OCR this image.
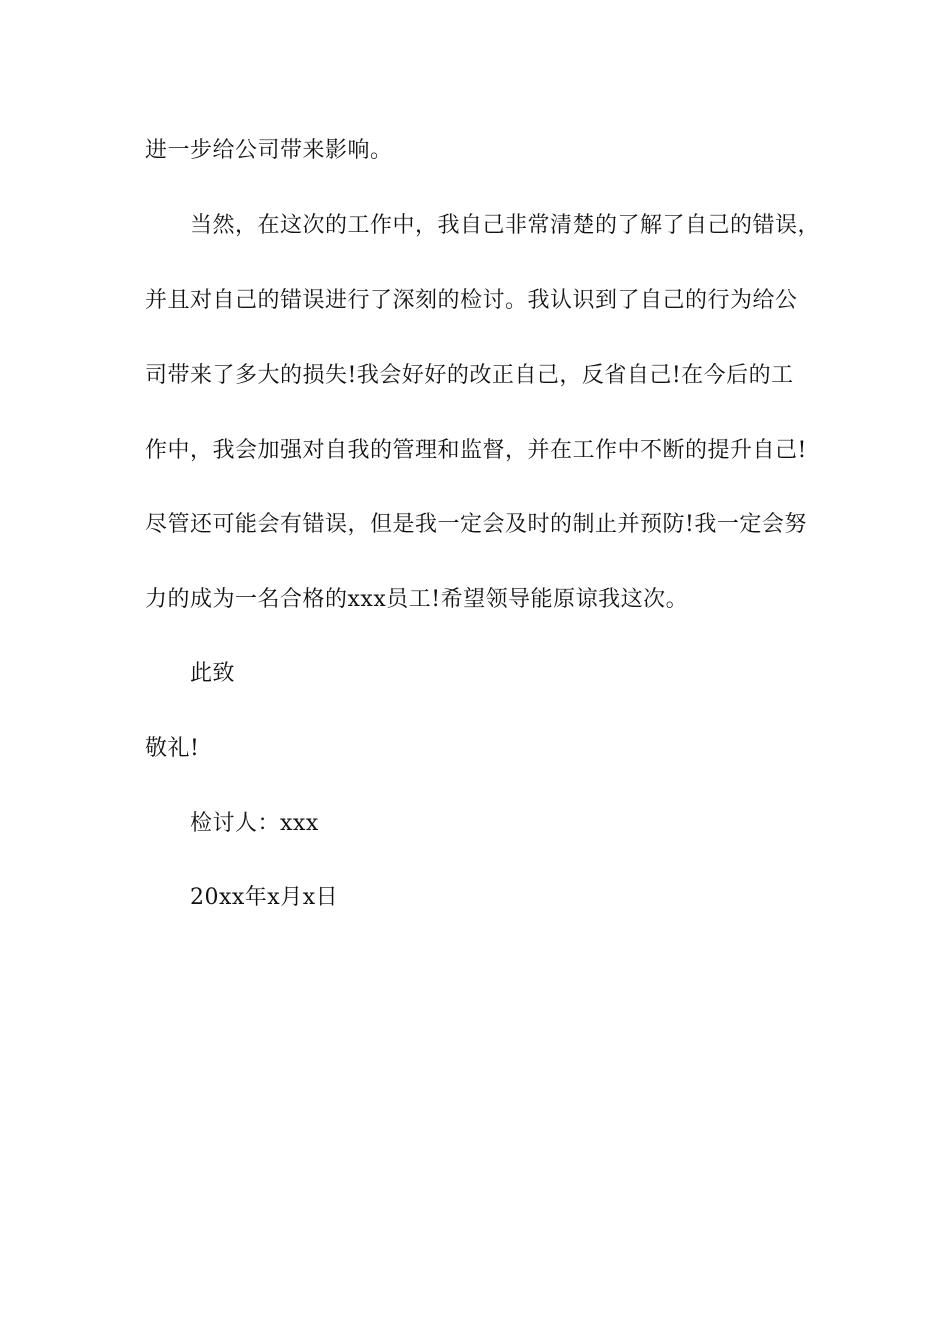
进一步给公司带来影响。
当然，在这次的工作中，我自己非常清楚的了解了自己的错误，
并且对自己的错误进行了深刻的检讨。我认识到了自己的行为给公
司带来了多大的损失!我会好好的改正自己，反省自己!在今后的工
作中，我会加强对自我的管理和监督，并在工作中不断的提升自己!
尽管还可能会有错误，但是我一定会及时的制止并预防!我一定会努
力的成为一名合格的xxx员工!希望领导能原谅我这次。
此致
敬礼!
检讨人：xxx
20xx年x月x日
